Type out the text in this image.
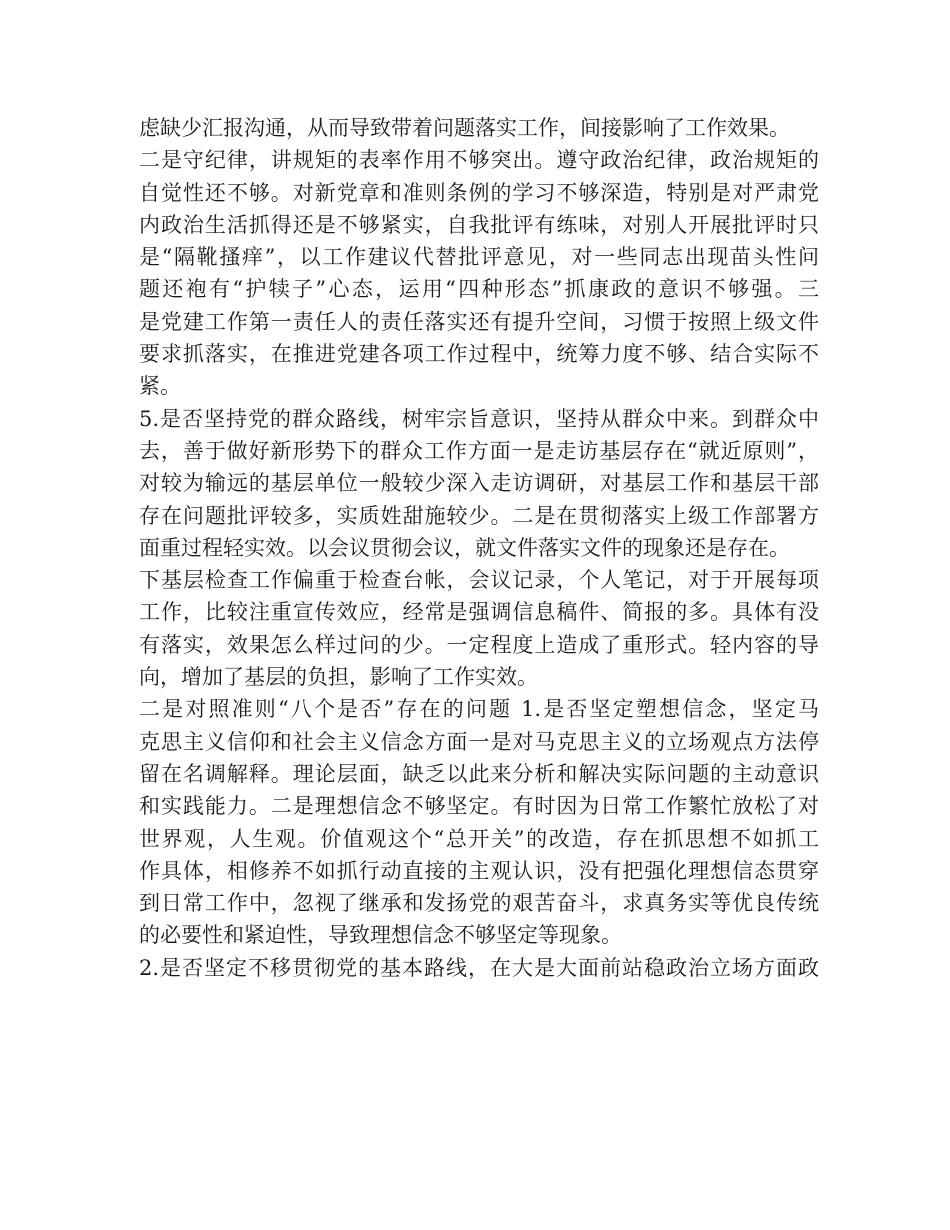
虑缺少汇报沟通，从而导致带着问题落实工作，间接影响了工作效果。
二是守纪律，讲规矩的表率作用不够突出。遵守政治纪律，政治规矩的
自觉性还不够。对新党章和准则条例的学习不够深造，特别是对严肃党
内政治生活抓得还是不够紧实，自我批评有练味，对别人开展批评时只
是“隔靴搔痒”，以工作建议代替批评意见，对一些同志出现苗头性问
题还袍有“护犊子”心态，运用“四种形态”抓康政的意识不够强。三
是党建工作第一责任人的责任落实还有提升空间，习惯于按照上级文件
要求抓落实，在推进党建各项工作过程中，统筹力度不够、结合实际不
紧。
5.是否坚持党的群众路线，树牢宗旨意识，坚持从群众中来。到群众中
去，善于做好新形势下的群众工作方面一是走访基层存在“就近原则”，
对较为输远的基层单位一般较少深入走访调研，对基层工作和基层干部
存在问题批评较多，实质姓甜施较少。二是在贯彻落实上级工作部署方
面重过程轻实效。以会议贯彻会议，就文件落实文件的现象还是存在。
下基层检查工作偏重于检查台帐，会议记录，个人笔记，对于开展每项
工作，比较注重宣传效应，经常是强调信息稿件、简报的多。具体有没
有落实，效果怎么样过问的少。一定程度上造成了重形式。轻内容的导
向，增加了基层的负担，影响了工作实效。
二是对照准则“八个是否”存在的问题 1.是否坚定塑想信念，坚定马
克思主义信仰和社会主义信念方面一是对马克思主义的立场观点方法停
留在名调解释。理论层面，缺乏以此来分析和解决实际问题的主动意识
和实践能力。二是理想信念不够坚定。有时因为日常工作繁忙放松了对
世界观，人生观。价值观这个“总开关”的改造，存在抓思想不如抓工
作具体，相修养不如抓行动直接的主观认识，没有把强化理想信态贯穿
到日常工作中，忽视了继承和发扬党的艰苦奋斗，求真务实等优良传统
的必要性和紧迫性，导致理想信念不够坚定等现象。
2.是否坚定不移贯彻党的基本路线，在大是大面前站稳政治立场方面政
